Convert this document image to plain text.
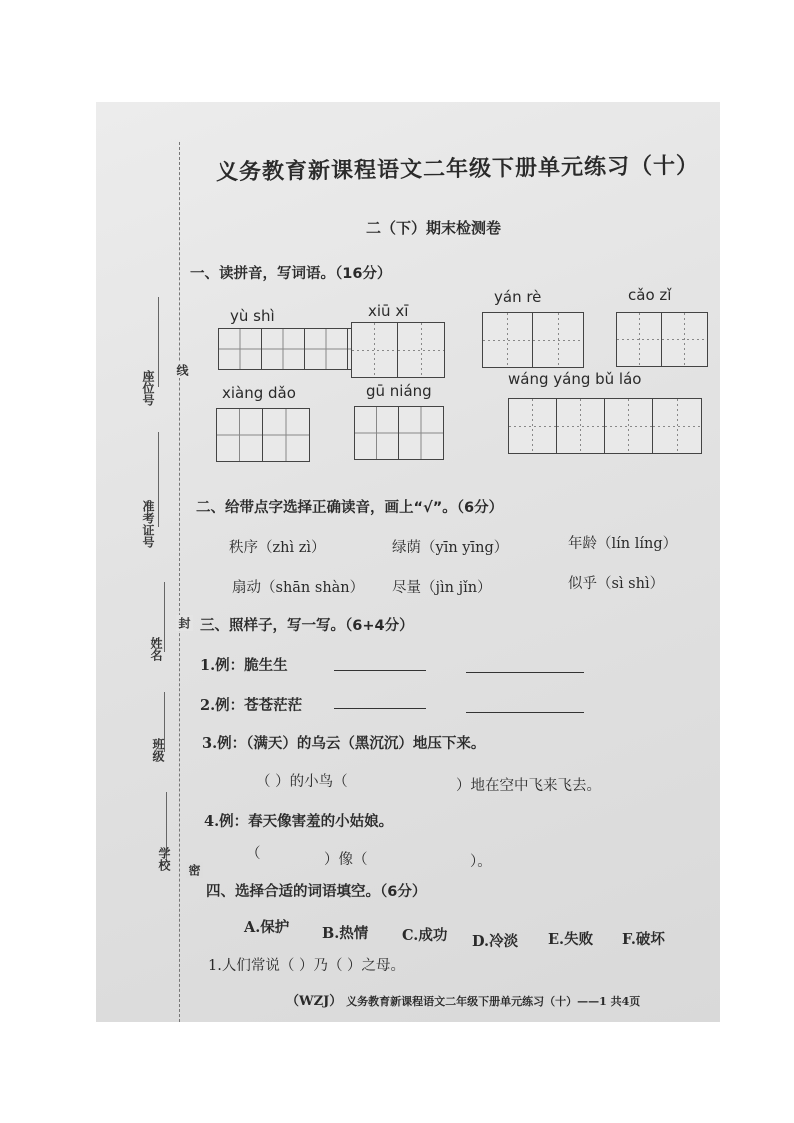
座位号
准考证号
姓名
班级
学校
线
封
密
义务教育新课程语文二年级下册单元练习（十）
二（下）期末检测卷
一、读拼音，写词语。（16分）
yù shì	xiū xī
yán rè	cǎo zǐ
xiàng dǎo	gū niáng
wáng yáng bǔ láo
二、给带点字选择正确读音，画上“√”。（6分）
秩序（zhì zì）	绿荫（yīn yīng）	年龄（lín líng）
扇动（shān shàn） 尽量（jìn jǐn）	似乎（sì shì）
三、照样子，写一写。（6+4分）
1.例：脆生生
2.例：苍苍茫茫
3.例：（满天）的乌云（黑沉沉）地压下来。
（ ）的小鸟（	）地在空中飞来飞去。
4.例：春天像害羞的小姑娘。
（	）像（	）。
四、选择合适的词语填空。（6分）
A.保护 B.热情 C.成功 D.冷淡 E.失败 F.破坏
1.人们常说（ ）乃（ ）之母。
（WZJ） 义务教育新课程语文二年级下册单元练习（十）——1 共4页
